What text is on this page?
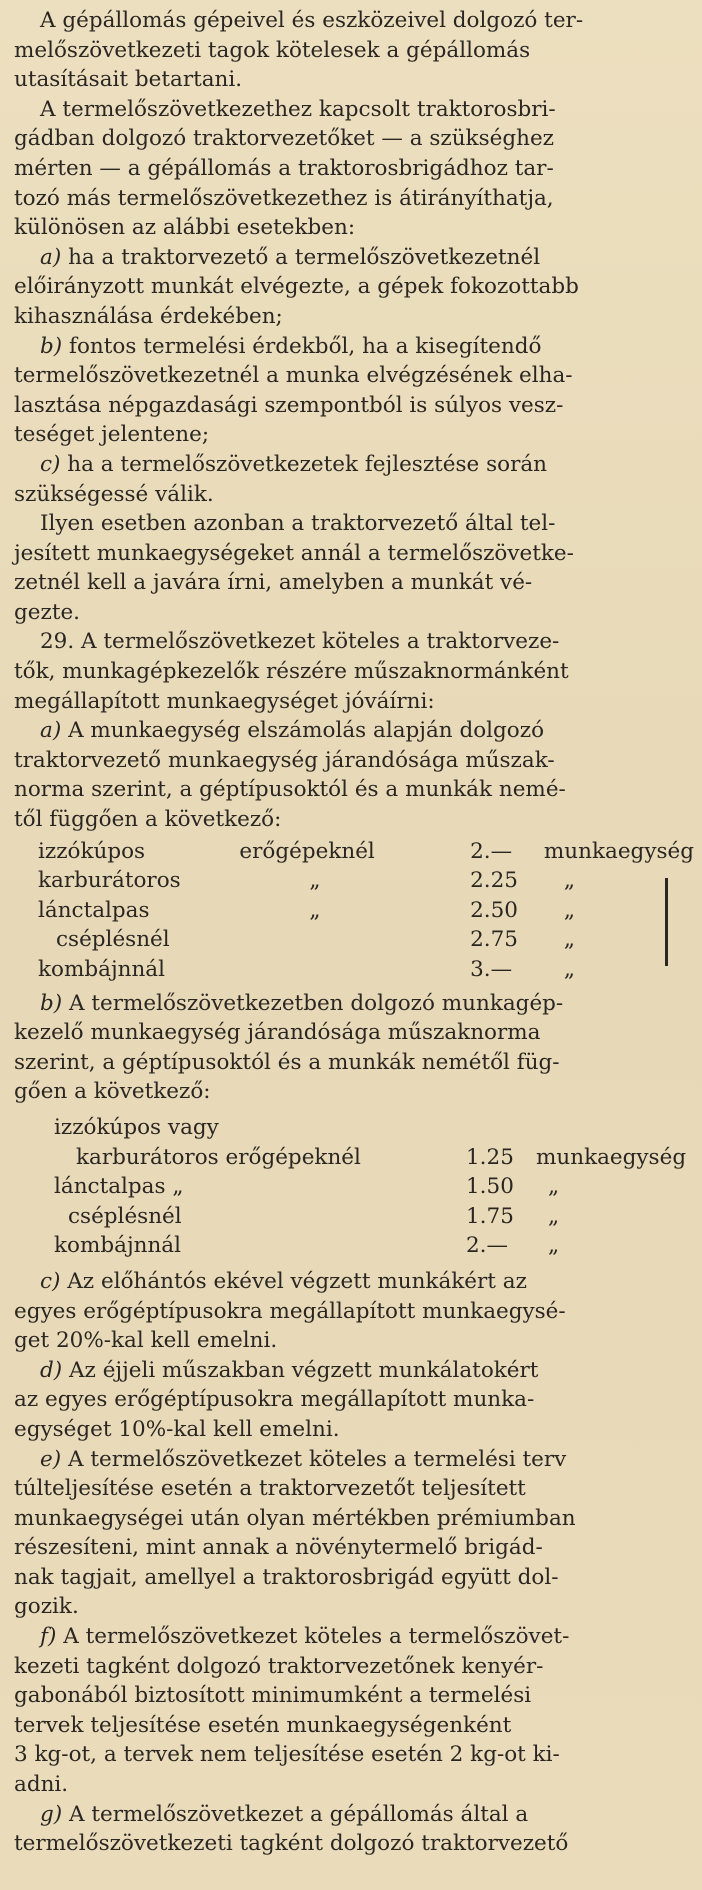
A gépállomás gépeivel és eszközeivel dolgozó ter-
melőszövetkezeti tagok kötelesek a gépállomás
utasításait betartani.

A termelőszövetkezethez kapcsolt traktorosbri-
gádban dolgozó traktorvezetőket — a szükséghez
mérten — a gépállomás a traktorosbrigádhoz tar-
tozó más termelőszövetkezethez is átirányíthatja,
különösen az alábbi esetekben:

a) ha a traktorvezető a termelőszövetkezetnél
előirányzott munkát elvégezte, a gépek fokozottabb
kihasználása érdekében;

b) fontos termelési érdekből, ha a kisegítendő
termelőszövetkezetnél a munka elvégzésének elha-
lasztása népgazdasági szempontból is súlyos vesz-
teséget jelentene;

c) ha a termelőszövetkezetek fejlesztése során
szükségessé válik.

Ilyen esetben azonban a traktorvezető által tel-
jesített munkaegységeket annál a termelőszövetke-
zetnél kell a javára írni, amelyben a munkát vé-
gezte.

29. A termelőszövetkezet köteles a traktorveze-
tők, munkagépkezelők részére műszaknormánként
megállapított munkaegységet jóváírni:

a) A munkaegység elszámolás alapján dolgozó
traktorvezető munkaegység járandósága műszak-
norma szerint, a géptípusoktól és a munkák nemé-
től függően a következő:

izzókúpos	erőgépeknél	2.—	munkaegység
karburátoros	„	2.25	„
lánctalpas	„	2.50	„
cséplésnél		2.75	„
kombájnnál		3.—	„

b) A termelőszövetkezetben dolgozó munkagép-
kezelő munkaegység járandósága műszaknorma
szerint, a géptípusoktól és a munkák nemétől füg-
gően a következő:

izzókúpos vagy		
karburátoros erőgépeknél	1.25	munkaegység
lánctalpas „	1.50	„
cséplésnél	1.75	„
kombájnnál	2.—	„

c) Az előhántós ekével végzett munkákért az
egyes erőgéptípusokra megállapított munkaegysé-
get 20%-kal kell emelni.

d) Az éjjeli műszakban végzett munkálatokért
az egyes erőgéptípusokra megállapított munka-
egységet 10%-kal kell emelni.

e) A termelőszövetkezet köteles a termelési terv
túlteljesítése esetén a traktorvezetőt teljesített
munkaegységei után olyan mértékben prémiumban
részesíteni, mint annak a növénytermelő brigád-
nak tagjait, amellyel a traktorosbrigád együtt dol-
gozik.

f) A termelőszövetkezet köteles a termelőszövet-
kezeti tagként dolgozó traktorvezetőnek kenyér-
gabonából biztosított minimumként a termelési
tervek teljesítése esetén munkaegységenként
3 kg-ot, a tervek nem teljesítése esetén 2 kg-ot ki-
adni.

g) A termelőszövetkezet a gépállomás által a
termelőszövetkezeti tagként dolgozó traktorvezető
